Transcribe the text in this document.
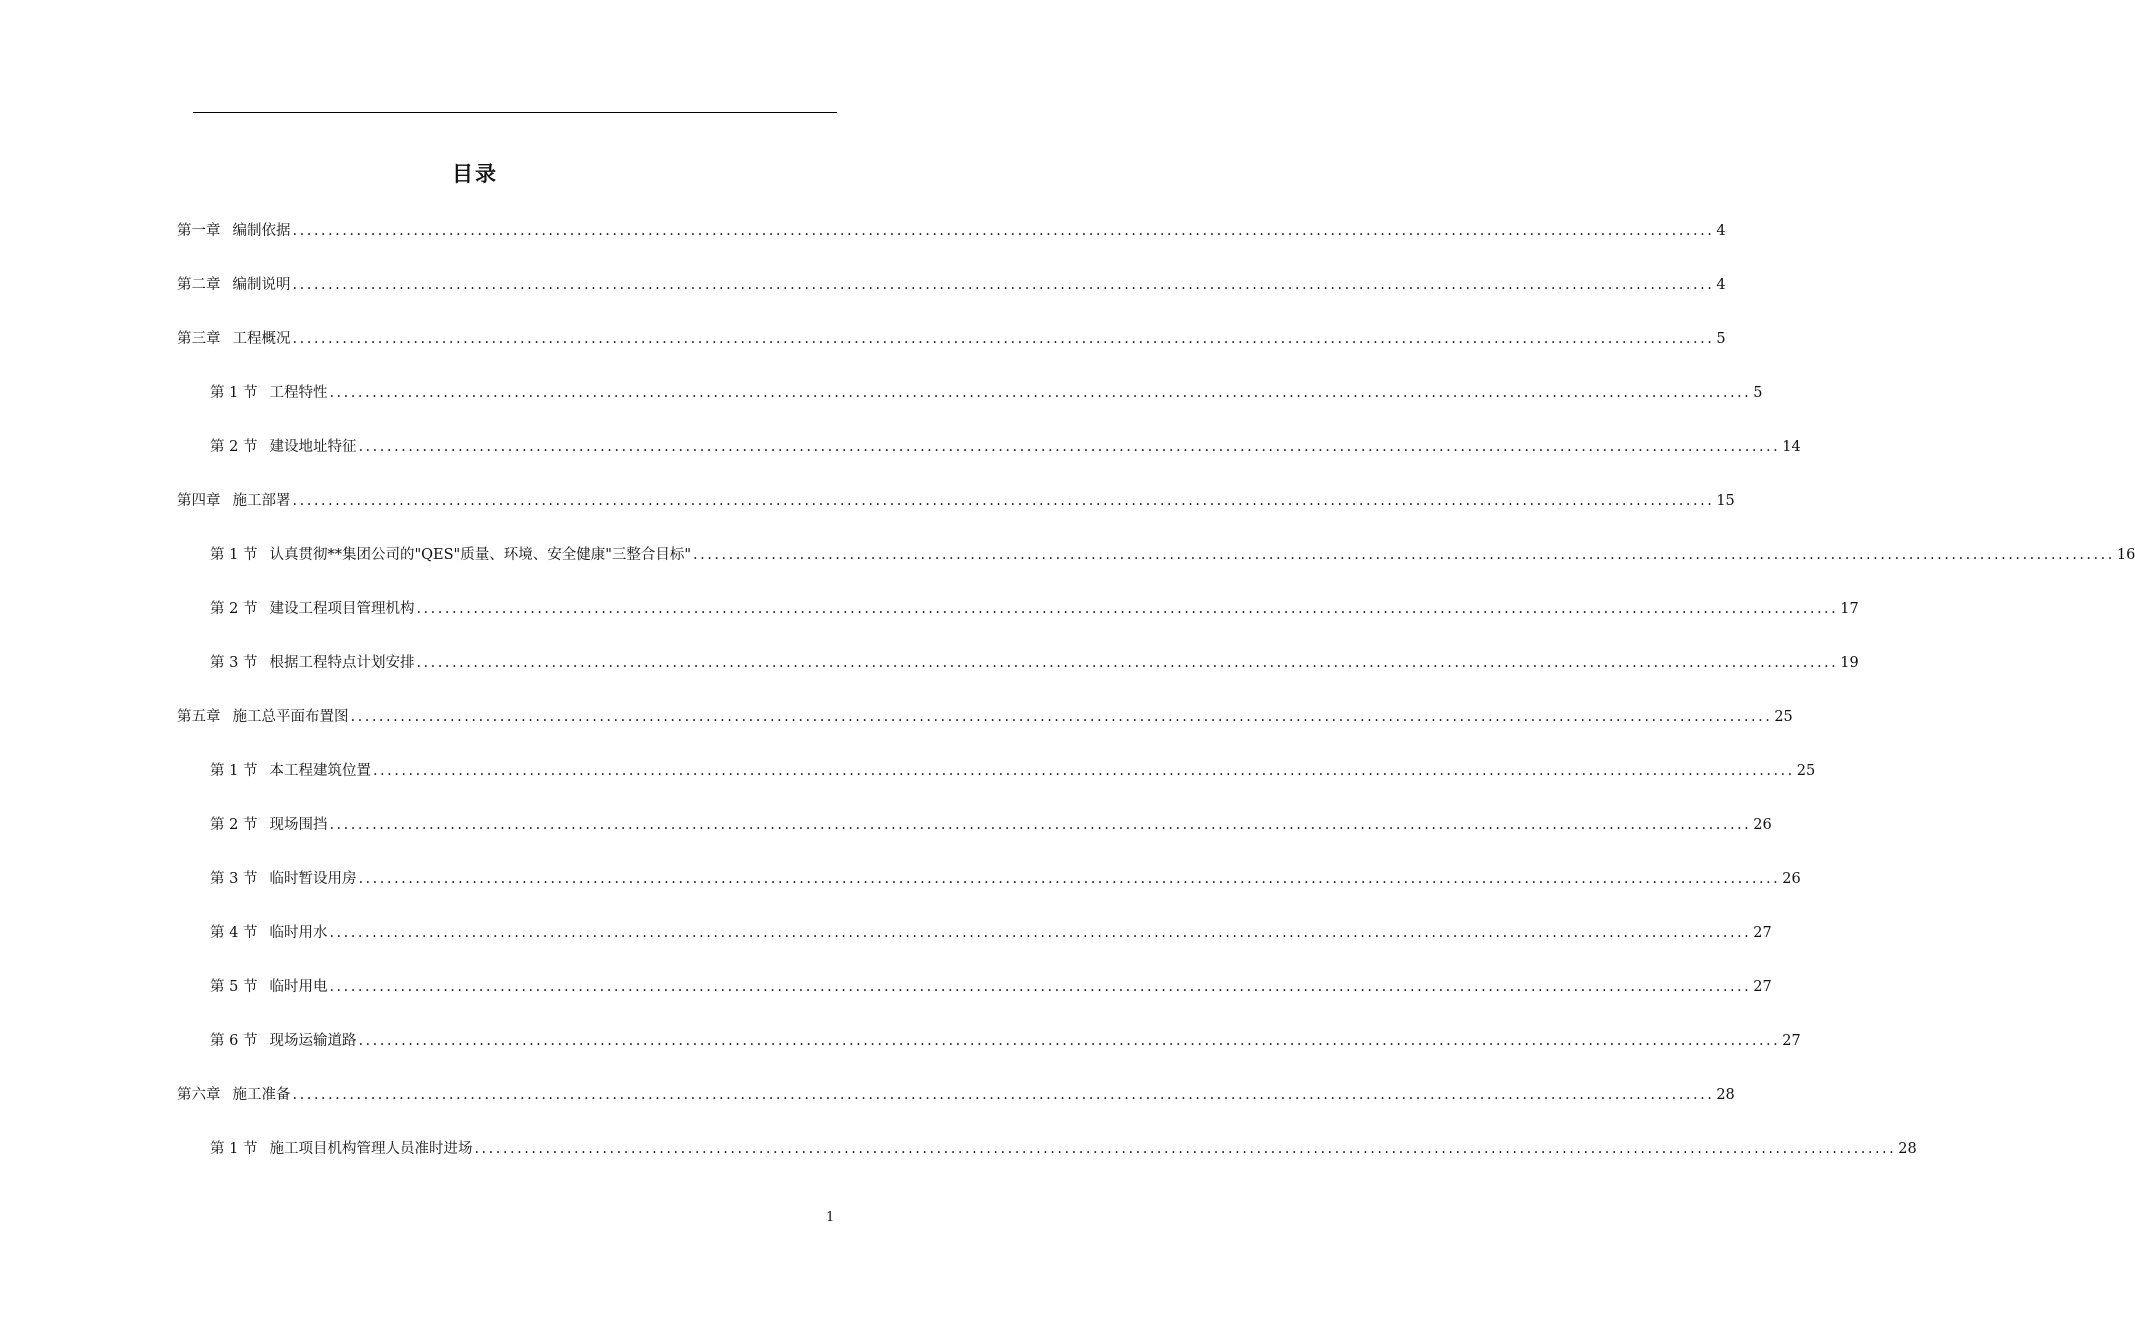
目录
第一章 编制依据 ........................................................................................................................................................................................................ 4
第二章 编制说明 ........................................................................................................................................................................................................ 4
第三章 工程概况 ........................................................................................................................................................................................................ 5
第 1 节 工程特性 ........................................................................................................................................................................................................ 5
第 2 节 建设地址特征 ........................................................................................................................................................................................................ 14
第四章 施工部署 ........................................................................................................................................................................................................ 15
第 1 节 认真贯彻**集团公司的"QES"质量、环境、安全健康"三整合目标" ........................................................................................................................................................................................................ 16
第 2 节 建设工程项目管理机构 ........................................................................................................................................................................................................ 17
第 3 节 根据工程特点计划安排 ........................................................................................................................................................................................................ 19
第五章 施工总平面布置图 ........................................................................................................................................................................................................ 25
第 1 节 本工程建筑位置 ........................................................................................................................................................................................................ 25
第 2 节 现场围挡 ........................................................................................................................................................................................................ 26
第 3 节 临时暂设用房 ........................................................................................................................................................................................................ 26
第 4 节 临时用水 ........................................................................................................................................................................................................ 27
第 5 节 临时用电 ........................................................................................................................................................................................................ 27
第 6 节 现场运输道路 ........................................................................................................................................................................................................ 27
第六章 施工准备 ........................................................................................................................................................................................................ 28
第 1 节 施工项目机构管理人员准时进场 ........................................................................................................................................................................................................ 28
1
